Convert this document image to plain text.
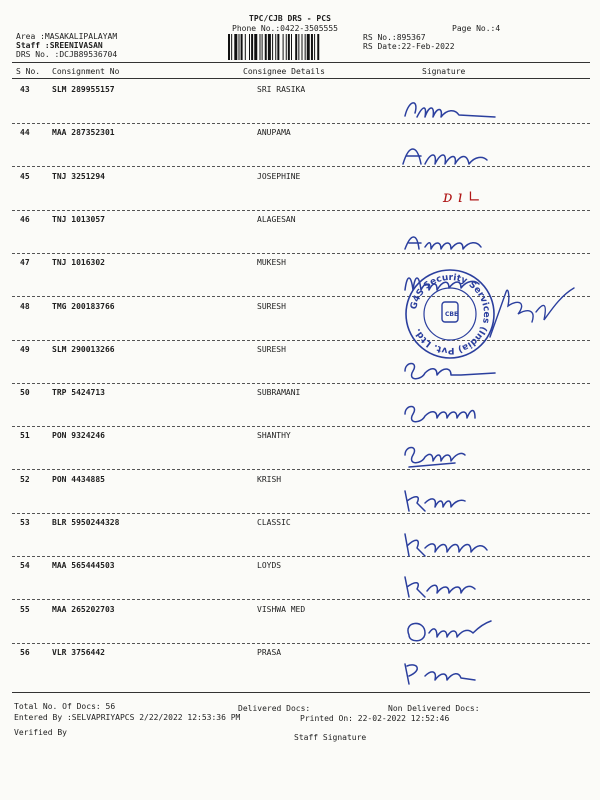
TPC/CJB DRS - PCS
Phone No.:0422-3505555	Page No.:4
Area :MASAKALIPALAYAM
Staff :SREENIVASAN
DRS No. :DCJB89536704
RS No.:895367
RS Date:22-Feb-2022
S No. Consignment No	Consignee Details	Signature
43	SLM 289955157	SRI RASIKA
44	MAA 287352301	ANUPAMA
45	TNJ 3251294	JOSEPHINE
46	TNJ 1013057	ALAGESAN
47	TNJ 1016302	MUKESH
48	TMG 200183766	SURESH
49	SLM 290013266	SURESH
50	TRP 5424713	SUBRAMANI
51	PON 9324246	SHANTHY
52	PON 4434885	KRISH
53	BLR 5950244328	CLASSIC
54	MAA 565444503	LOYDS
55	MAA 265202703	VISHWA MED
56	VLR 3756442	PRASA
ᴅ ı ∟
G4S Security Services (India) Pvt. Ltd.
CBE
Total No. Of Docs: 56	Delivered Docs:	Non Delivered Docs:
Entered By :SELVAPRIYAPCS 2/22/2022 12:53:36 PM	Printed On: 22-02-2022 12:52:46
Verified By
Staff Signature
